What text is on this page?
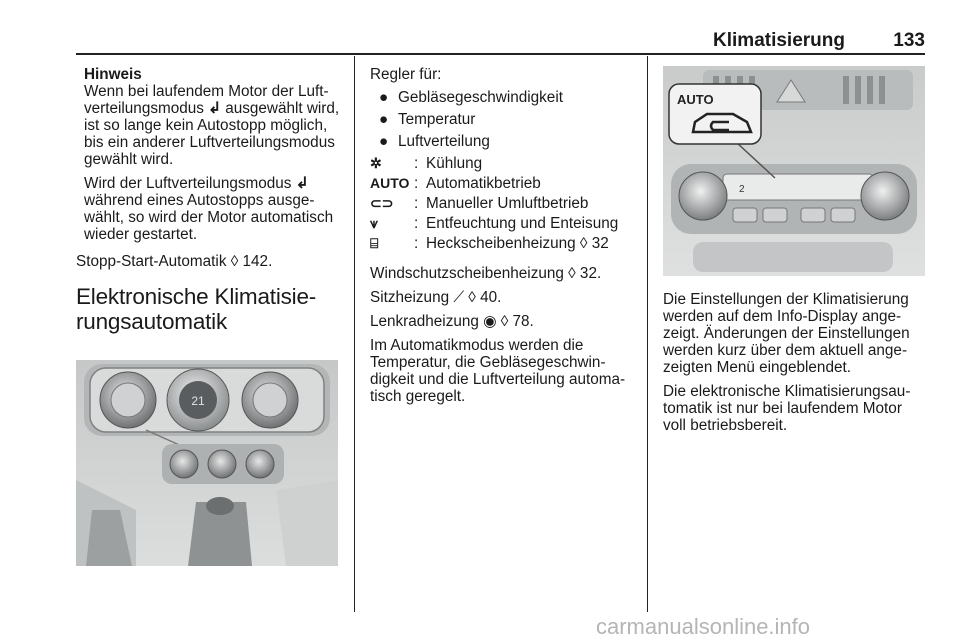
Klimatisierung	133
Hinweis

Wenn bei laufendem Motor der Luftverteilungsmodus ↲ ausgewählt wird, ist so lange kein Autostopp möglich, bis ein anderer Luftverteilungsmodus gewählt wird.

Wird der Luftverteilungsmodus ↲ während eines Autostopps ausgewählt, so wird der Motor automatisch wieder gestartet.

Stopp-Start-Automatik ◊ 142.

Elektronische Klimatisierungsautomatik
21

Regler für:

● Gebläsegeschwindigkeit
● Temperatur
● Luftverteilung
✲	:	Kühlung
AUTO	:	Automatikbetrieb
⊂⊃	:	Manueller Umluftbetrieb
⩛	:	Entfeuchtung und Enteisung
⌸	:	Heckscheibenheizung ◊ 32

Windschutzscheibenheizung ◊ 32.

Sitzheizung ⟋ ◊ 40.

Lenkradheizung ◉ ◊ 78.

Im Automatikmodus werden die Temperatur, die Gebläsegeschwindigkeit und die Luftverteilung automatisch geregelt.

2
AUTO

Die Einstellungen der Klimatisierung werden auf dem Info-Display angezeigt. Änderungen der Einstellungen werden kurz über dem aktuell angezeigten Menü eingeblendet.

Die elektronische Klimatisierungsautomatik ist nur bei laufendem Motor voll betriebsbereit.

carmanualsonline.info
